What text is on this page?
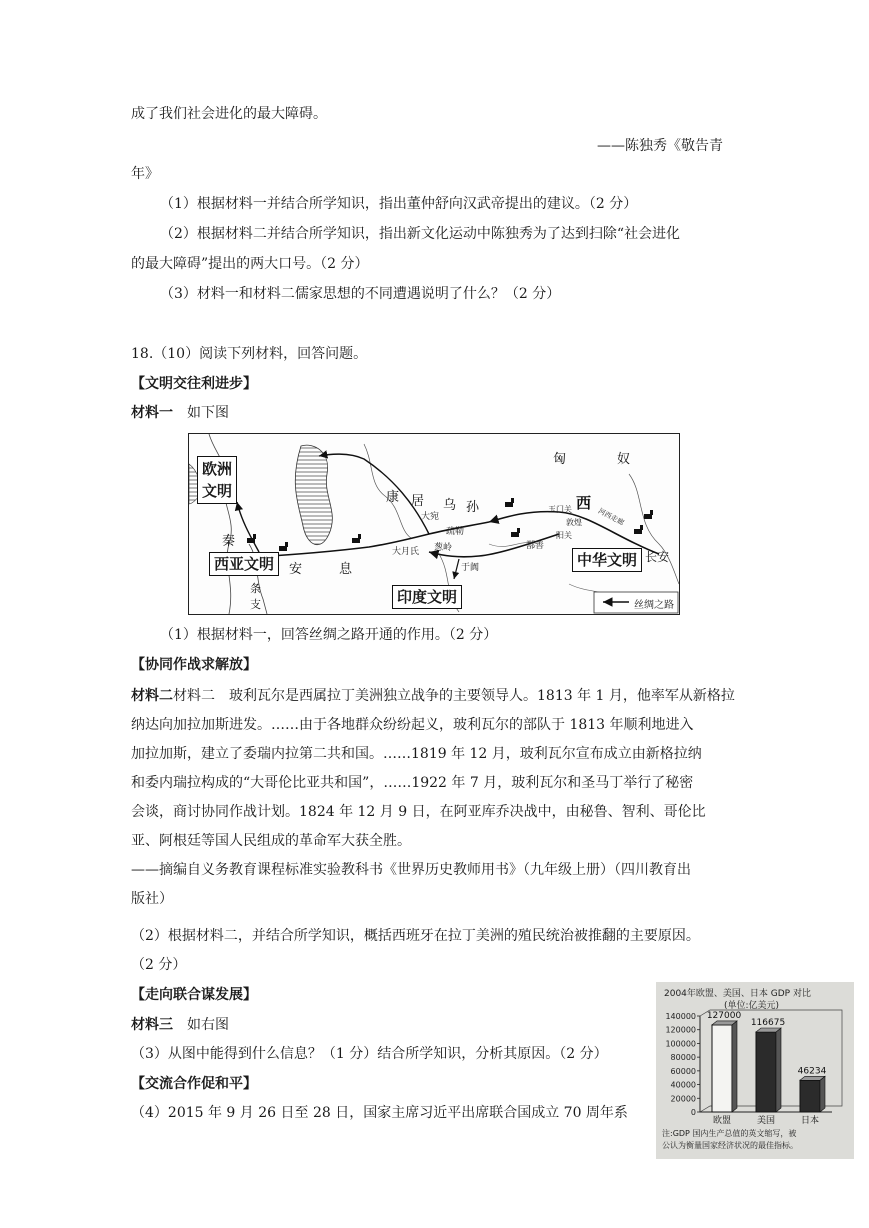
成了我们社会进化的最大障碍。
——陈独秀《敬告青
年》
（1）根据材料一并结合所学知识，指出董仲舒向汉武帝提出的建议。（2 分）
（2）根据材料二并结合所学知识，指出新文化运动中陈独秀为了达到扫除“社会进化
的最大障碍”提出的两大口号。（2 分）
（3）材料一和材料二儒家思想的不同遭遇说明了什么？（2 分）
18.（10）阅读下列材料，回答问题。
【文明交往利进步】
材料一　如下图
欧洲
文明
西亚文明
印度文明
中华文明
匈	奴
康 居 乌 孙
安	息
秦
条
支
西
长安
大宛
疏勒
大月氏 葱岭	鄯善
玉门关
敦煌
阳关
河西走廊
于阗
丝绸之路
（1）根据材料一，回答丝绸之路开通的作用。（2 分）
【协同作战求解放】
材料二材料二　玻利瓦尔是西属拉丁美洲独立战争的主要领导人。1813 年 1 月，他率军从新格拉
纳达向加拉加斯进发。……由于各地群众纷纷起义，玻利瓦尔的部队于 1813 年顺利地进入
加拉加斯，建立了委瑞内拉第二共和国。……1819 年 12 月，玻利瓦尔宣布成立由新格拉纳
和委内瑞拉构成的“大哥伦比亚共和国”，……1922 年 7 月，玻利瓦尔和圣马丁举行了秘密
会谈，商讨协同作战计划。1824 年 12 月 9 日，在阿亚库乔决战中，由秘鲁、智利、哥伦比
亚、阿根廷等国人民组成的革命军大获全胜。
——摘编自义务教育课程标准实验教科书《世界历史教师用书》（九年级上册）（四川教育出
版社）
（2）根据材料二，并结合所学知识，概括西班牙在拉丁美洲的殖民统治被推翻的主要原因。
（2 分）
【走向联合谋发展】
材料三　如右图
（3）从图中能得到什么信息？（1 分）结合所学知识，分析其原因。（2 分）
【交流合作促和平】
（4）2015 年 9 月 26 日至 28 日，国家主席习近平出席联合国成立 70 周年系
2004年欧盟、美国、日本 GDP 对比
(单位:亿美元)
140000
120000
100000
80000
60000
40000
20000
0
127000
欧盟
116675
美国
46234
日本
注:GDP 国内生产总值的英文缩写，被
公认为衡量国家经济状况的最佳指标。
